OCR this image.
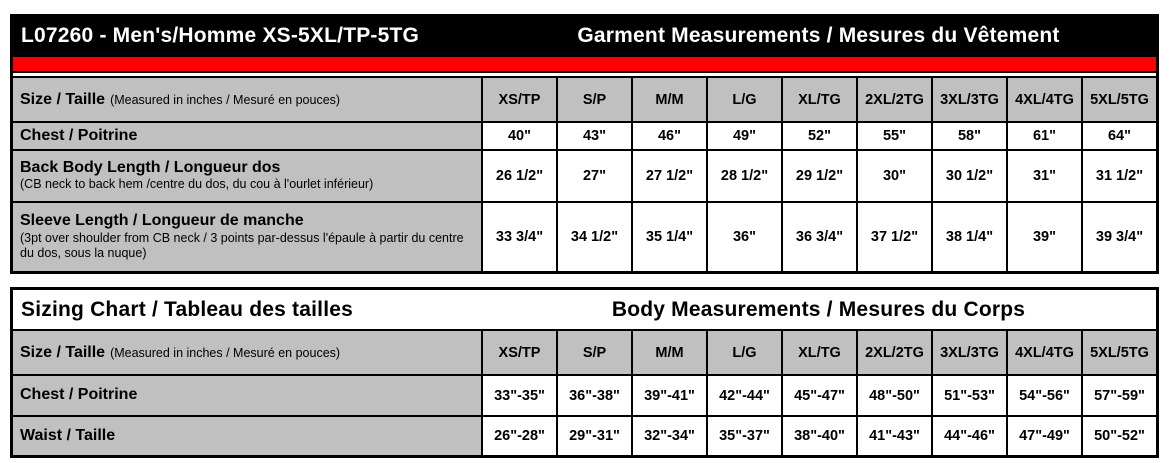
L07260 - Men's/Homme XS-5XL/TP-5TG	Garment Measurements / Mesures du Vêtement
Size / Taille (Measured in inches / Mesuré en pouces)	XS/TP	S/P	M/M	L/G	XL/TG	2XL/2TG	3XL/3TG	4XL/4TG	5XL/5TG
Chest / Poitrine	40"	43"	46"	49"	52"	55"	58"	61"	64"
Back Body Length / Longueur dos
(CB neck to back hem /centre du dos, du cou à l'ourlet inférieur)
26 1/2"	27"	27 1/2"	28 1/2"	29 1/2"	30"	30 1/2"	31"	31 1/2"
Sleeve Length / Longueur de manche
(3pt over shoulder from CB neck / 3 points par-dessus l'épaule à partir du centre du dos, sous la nuque)
33 3/4"	34 1/2"	35 1/4"	36"	36 3/4"	37 1/2"	38 1/4"	39"	39 3/4"
Sizing Chart / Tableau des tailles	Body Measurements / Mesures du Corps
Size / Taille (Measured in inches / Mesuré en pouces)	XS/TP	S/P	M/M	L/G	XL/TG	2XL/2TG	3XL/3TG	4XL/4TG	5XL/5TG
Chest / Poitrine	33"-35"	36"-38"	39"-41"	42"-44"	45"-47"	48"-50"	51"-53"	54"-56"	57"-59"
Waist / Taille	26"-28"	29"-31"	32"-34"	35"-37"	38"-40"	41"-43"	44"-46"	47"-49"	50"-52"
